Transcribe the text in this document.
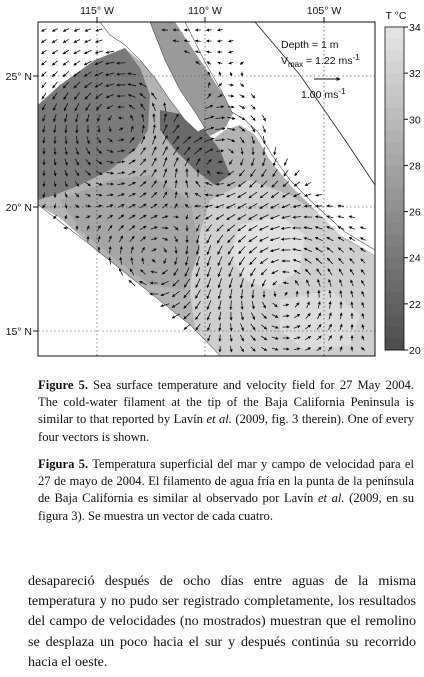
115° W	110° W	105° W
25° N
20° N
15° N
Depth = 1 m
$V_{max} = 1.22$ $ms^{-1}$
1.00 $ms^{-1}$
T °C
34
32
30
28
26
24
22
20
Figure 5. Sea surface temperature and velocity field for 27 May 2004. The cold-water filament at the tip of the Baja California Peninsula is similar to that reported by Lavín et al. (2009, fig. 3 therein). One of every four vectors is shown.
Figura 5. Temperatura superficial del mar y campo de velocidad para el 27 de mayo de 2004. El filamento de agua fría en la punta de la península de Baja California es similar al observado por Lavín et al. (2009, en su figura 3). Se muestra un vector de cada cuatro.
desapareció después de ocho días entre aguas de la misma temperatura y no pudo ser registrado completamente, los resultados del campo de velocidades (no mostrados) muestran que el remolino se desplaza un poco hacia el sur y después continúa su recorrido hacia el oeste.
